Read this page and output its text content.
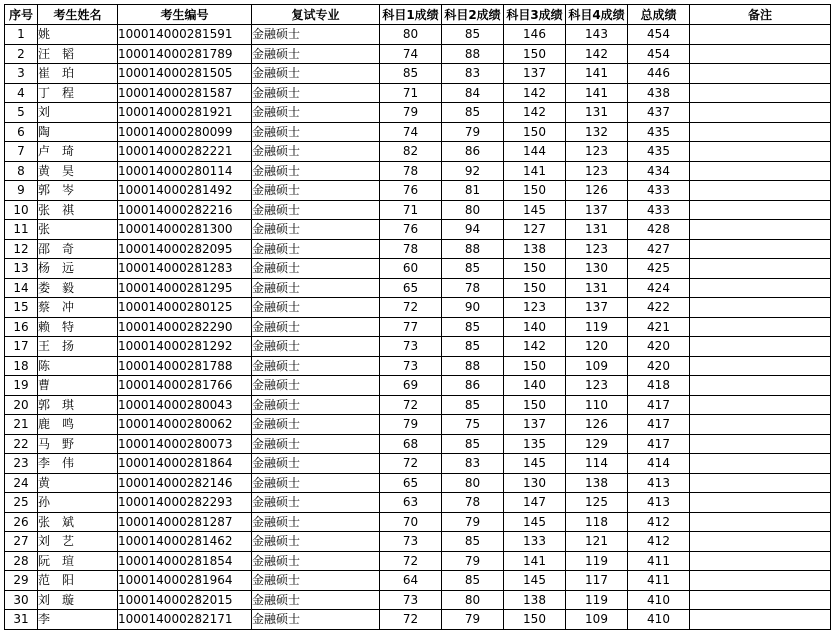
序号	考生姓名	考生编号	复试专业	科目1成绩	科目2成绩	科目3成绩	科目4成绩	总成绩	备注
1	姚　	100014000281591	金融硕士	80	85	146	143	454	
2	汪　 韬	100014000281789	金融硕士	74	88	150	142	454	
3	崔　 珀	100014000281505	金融硕士	85	83	137	141	446	
4	丁　 程	100014000281587	金融硕士	71	84	142	141	438	
5	刘　	100014000281921	金融硕士	79	85	142	131	437	
6	陶　	100014000280099	金融硕士	74	79	150	132	435	
7	卢　 琦	100014000282221	金融硕士	82	86	144	123	435	
8	黄　 昊	100014000280114	金融硕士	78	92	141	123	434	
9	郭　 岑	100014000281492	金融硕士	76	81	150	126	433	
10	张　 祺	100014000282216	金融硕士	71	80	145	137	433	
11	张　	100014000281300	金融硕士	76	94	127	131	428	
12	邵　 奇	100014000282095	金融硕士	78	88	138	123	427	
13	杨　 远	100014000281283	金融硕士	60	85	150	130	425	
14	娄　 毅	100014000281295	金融硕士	65	78	150	131	424	
15	蔡　 冲	100014000280125	金融硕士	72	90	123	137	422	
16	赖　 特	100014000282290	金融硕士	77	85	140	119	421	
17	王　 扬	100014000281292	金融硕士	73	85	142	120	420	
18	陈　	100014000281788	金融硕士	73	88	150	109	420	
19	曹　	100014000281766	金融硕士	69	86	140	123	418	
20	郭　 琪	100014000280043	金融硕士	72	85	150	110	417	
21	鹿　 鸣	100014000280062	金融硕士	79	75	137	126	417	
22	马　 野	100014000280073	金融硕士	68	85	135	129	417	
23	李　 伟	100014000281864	金融硕士	72	83	145	114	414	
24	黄　	100014000282146	金融硕士	65	80	130	138	413	
25	孙　	100014000282293	金融硕士	63	78	147	125	413	
26	张　 斌	100014000281287	金融硕士	70	79	145	118	412	
27	刘　 艺	100014000281462	金融硕士	73	85	133	121	412	
28	阮　 瑄	100014000281854	金融硕士	72	79	141	119	411	
29	范　 阳	100014000281964	金融硕士	64	85	145	117	411	
30	刘　 璇	100014000282015	金融硕士	73	80	138	119	410	
31	李　	100014000282171	金融硕士	72	79	150	109	410	
